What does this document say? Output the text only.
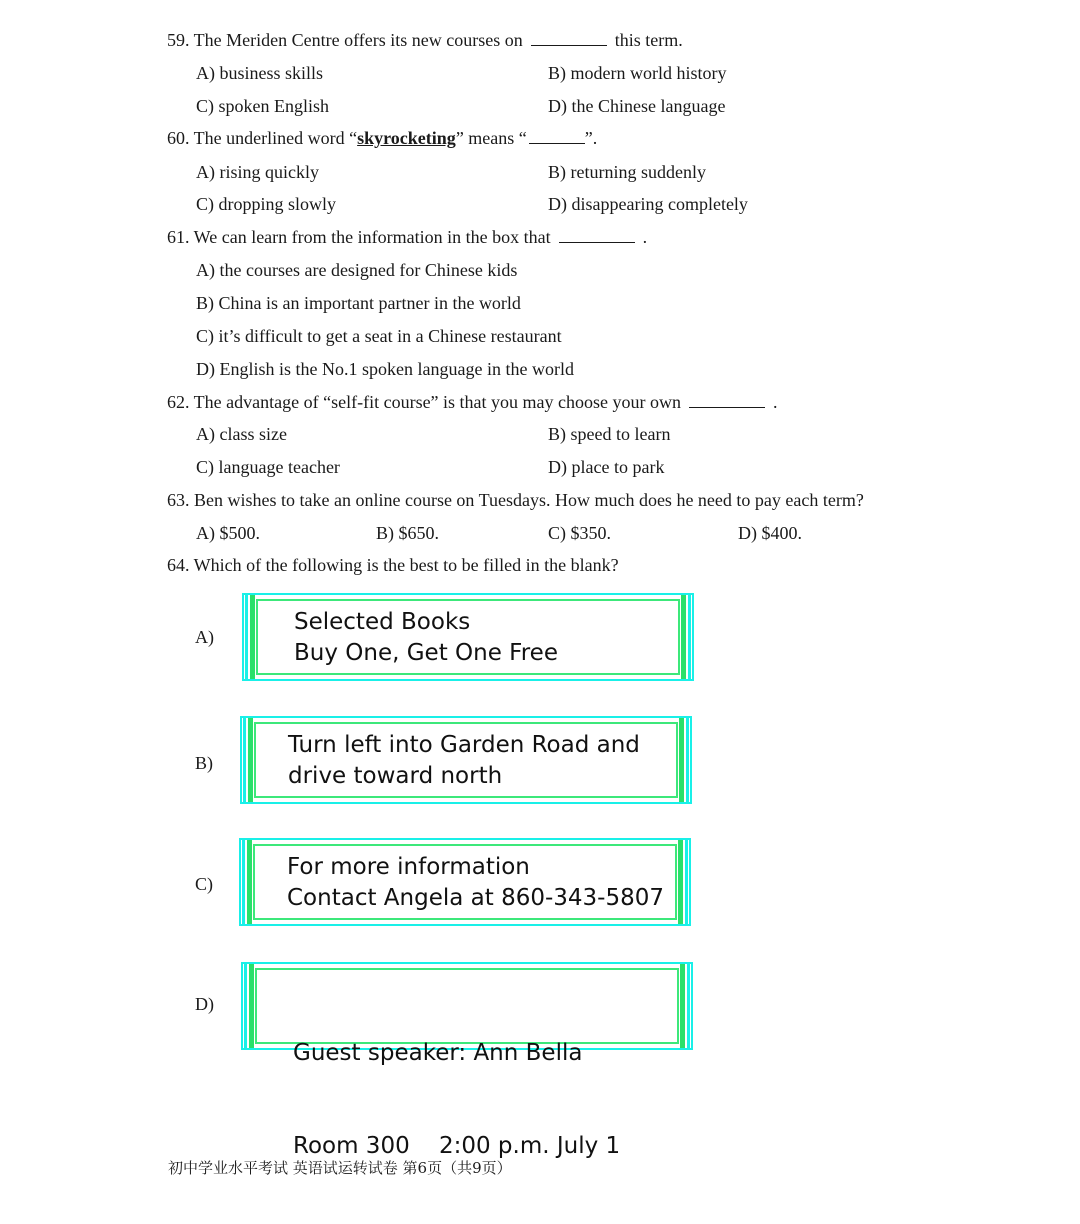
59. The Meriden Centre offers its new courses on	this term.
A) business skills	B) modern world history
C) spoken English	D) the Chinese language
60. The underlined word “skyrocketing” means “	”.
A) rising quickly	B) returning suddenly
C) dropping slowly	D) disappearing completely
61. We can learn from the information in the box that	.
A) the courses are designed for Chinese kids
B) China is an important partner in the world
C) it’s difficult to get a seat in a Chinese restaurant
D) English is the No.1 spoken language in the world
62. The advantage of “self-fit course” is that you may choose your own	.
A) class size	B) speed to learn
C) language teacher	D) place to park
63. Ben wishes to take an online course on Tuesdays. How much does he need to pay each term?
A) $500.	B) $650.	C) $350.	D) $400.
64. Which of the following is the best to be filled in the blank?
A)
Selected Books
Buy One, Get One Free
B)
Turn left into Garden Road and
drive toward north
C)
For more information
Contact Angela at 860-343-5807
D)

Guest speaker: Ann Bella

Room 300    2:00 p.m. July 1

初中学业水平考试 英语试运转试卷 第6页（共9页）
